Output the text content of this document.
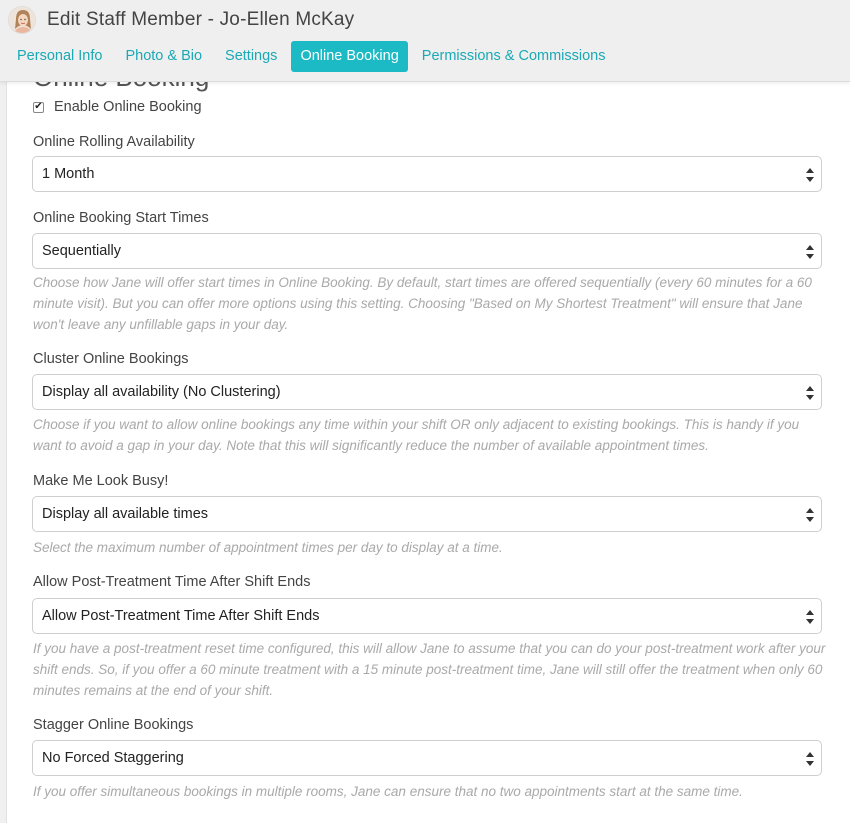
Edit Staff Member - Jo-Ellen McKay
Personal Info	Photo & Bio	Settings	Online Booking	Permissions & Commissions
✔ Enable Online Booking
Online Rolling Availability
1 Month
Online Booking Start Times
Sequentially
Choose how Jane will offer start times in Online Booking. By default, start times are offered sequentially (every 60 minutes for a 60 minute visit). But you can offer more options using this setting. Choosing "Based on My Shortest Treatment" will ensure that Jane won't leave any unfillable gaps in your day.
Cluster Online Bookings
Display all availability (No Clustering)
Choose if you want to allow online bookings any time within your shift OR only adjacent to existing bookings. This is handy if you want to avoid a gap in your day. Note that this will significantly reduce the number of available appointment times.
Make Me Look Busy!
Display all available times
Select the maximum number of appointment times per day to display at a time.
Allow Post-Treatment Time After Shift Ends
Allow Post-Treatment Time After Shift Ends
If you have a post-treatment reset time configured, this will allow Jane to assume that you can do your post-treatment work after your shift ends. So, if you offer a 60 minute treatment with a 15 minute post-treatment time, Jane will still offer the treatment when only 60 minutes remains at the end of your shift.
Stagger Online Bookings
No Forced Staggering
If you offer simultaneous bookings in multiple rooms, Jane can ensure that no two appointments start at the same time.
